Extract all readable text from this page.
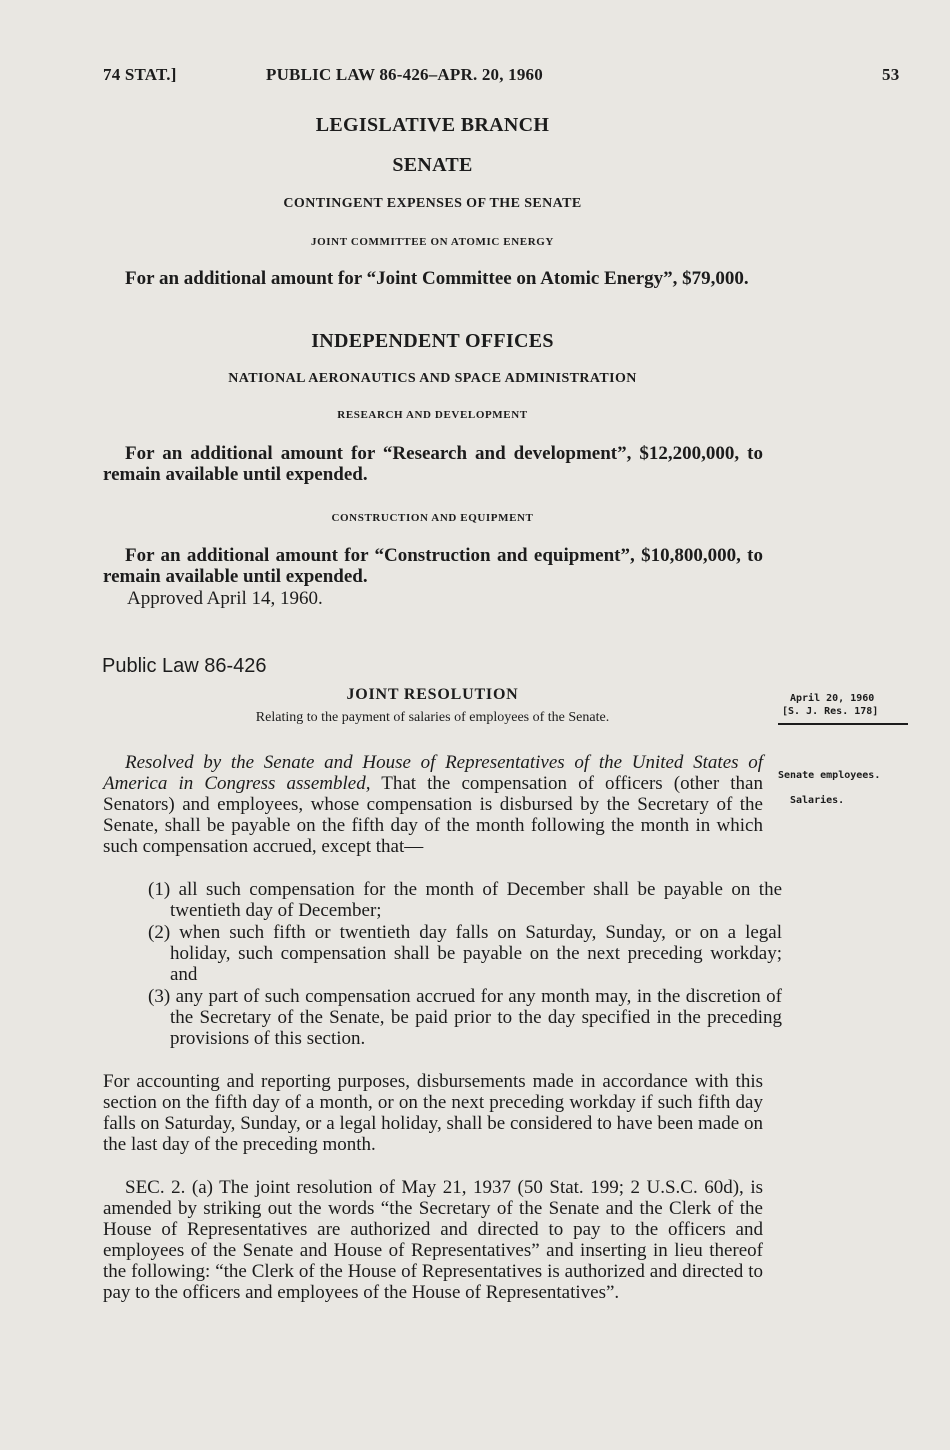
74 STAT.]	PUBLIC LAW 86-426–APR. 20, 1960	53
LEGISLATIVE BRANCH
SENATE
CONTINGENT EXPENSES OF THE SENATE
JOINT COMMITTEE ON ATOMIC ENERGY

For an additional amount for “Joint Committee on Atomic Energy”, $79,000.

INDEPENDENT OFFICES
NATIONAL AERONAUTICS AND SPACE ADMINISTRATION
RESEARCH AND DEVELOPMENT

For an additional amount for “Research and development”, $12,200,000, to remain available until expended.

CONSTRUCTION AND EQUIPMENT

For an additional amount for “Construction and equipment”, $10,800,000, to remain available until expended.

Approved April 14, 1960.
Public Law 86-426
JOINT RESOLUTION
Relating to the payment of salaries of employees of the Senate.
April 20, 1960
[S. J. Res. 178]
Senate employees.
Salaries.

Resolved by the Senate and House of Representatives of the United States of America in Congress assembled, That the compensation of officers (other than Senators) and employees, whose compensation is disbursed by the Secretary of the Senate, shall be payable on the fifth day of the month following the month in which such compensation accrued, except that—

(1) all such compensation for the month of December shall be payable on the twentieth day of December;

(2) when such fifth or twentieth day falls on Saturday, Sunday, or on a legal holiday, such compensation shall be payable on the next preceding workday; and

(3) any part of such compensation accrued for any month may, in the discretion of the Secretary of the Senate, be paid prior to the day specified in the preceding provisions of this section.

For accounting and reporting purposes, disbursements made in accordance with this section on the fifth day of a month, or on the next preceding workday if such fifth day falls on Saturday, Sunday, or a legal holiday, shall be considered to have been made on the last day of the preceding month.

SEC. 2. (a) The joint resolution of May 21, 1937 (50 Stat. 199; 2 U.S.C. 60d), is amended by striking out the words “the Secretary of the Senate and the Clerk of the House of Representatives are authorized and directed to pay to the officers and employees of the Senate and House of Representatives” and inserting in lieu thereof the following: “the Clerk of the House of Representatives is authorized and directed to pay to the officers and employees of the House of Representatives”.
